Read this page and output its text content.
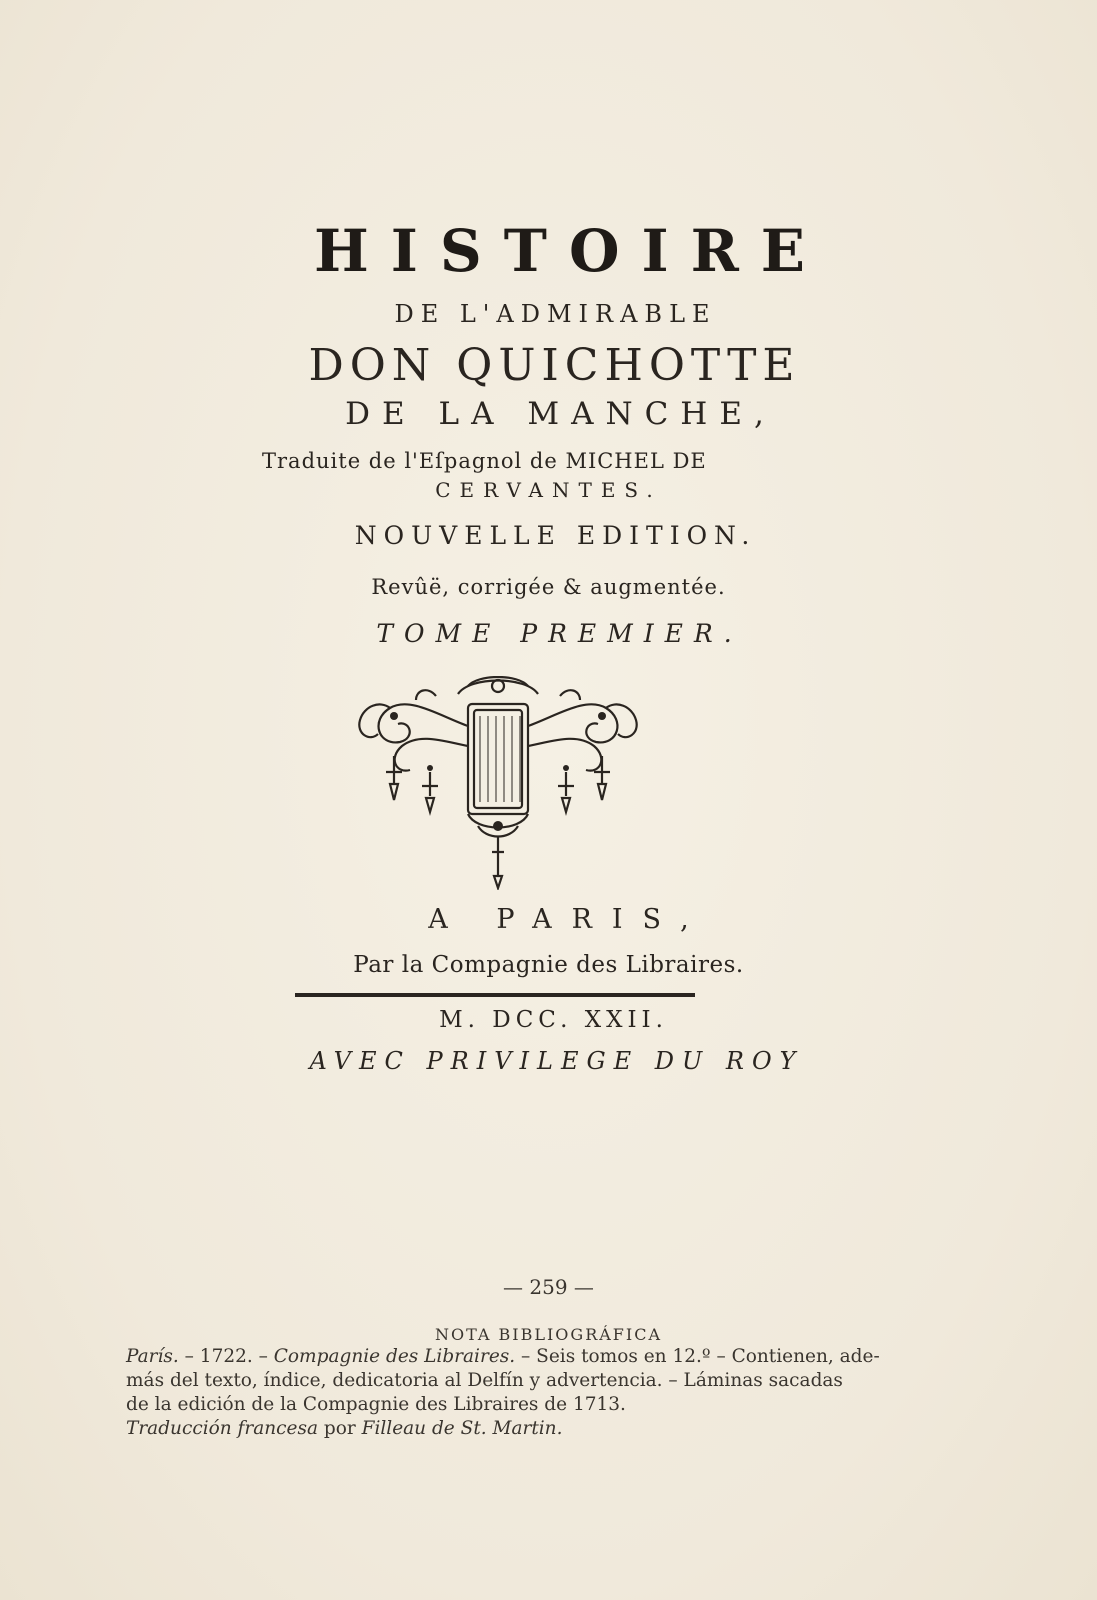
HISTOIRE
DE L'ADMIRABLE
DON QUICHOTTE
DE LA MANCHE,
Traduite de l'Eſpagnol de MICHEL DE
CERVANTES.
NOUVELLE EDITION.
Revûë, corrigée & augmentée.
TOME PREMIER.
A PARIS,
Par la Compagnie des Libraires.
M. DCC. XXII.
AVEC PRIVILEGE DU ROY
— 259 —
NOTA BIBLIOGRÁFICA

París. – 1722. – Compagnie des Libraires. – Seis tomos en 12.º – Contienen, ade-

más del texto, índice, dedicatoria al Delfín y advertencia. – Láminas sacadas

de la edición de la Compagnie des Libraires de 1713.

Traducción francesa por Filleau de St. Martin.
